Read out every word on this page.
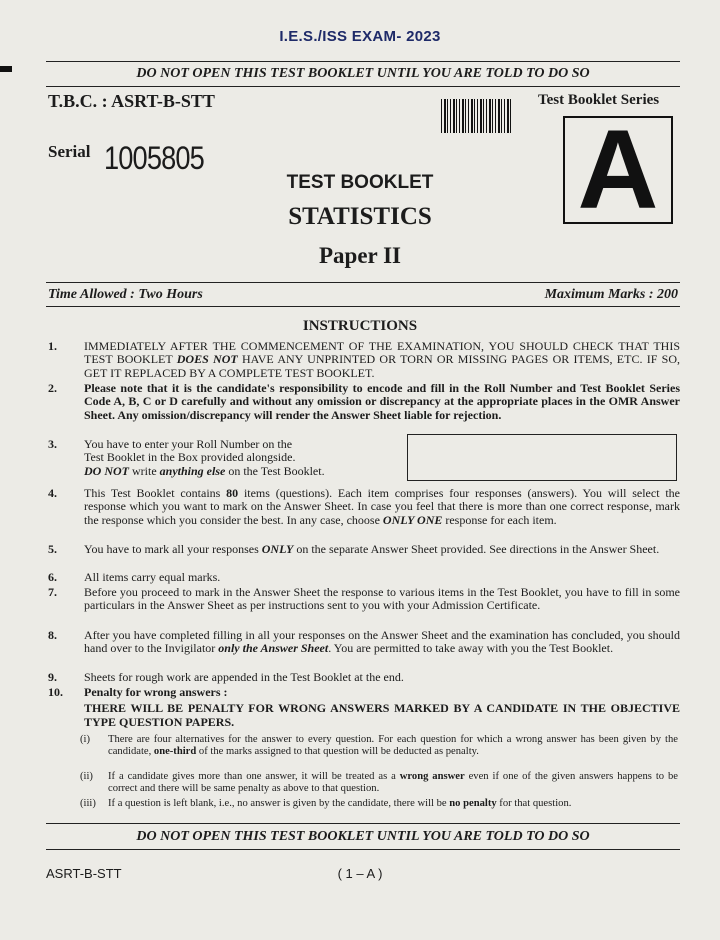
I.E.S./ISS EXAM- 2023
DO NOT OPEN THIS TEST BOOKLET UNTIL YOU ARE TOLD TO DO SO
T.B.C. : ASRT-B-STT	Test Booklet Series
A
Serial 1005805
TEST BOOKLET
STATISTICS
Paper II
Time Allowed : Two Hours	Maximum Marks : 200
INSTRUCTIONS
1. IMMEDIATELY AFTER THE COMMENCEMENT OF THE EXAMINATION, YOU SHOULD CHECK THAT THIS TEST BOOKLET DOES NOT HAVE ANY UNPRINTED OR TORN OR MISSING PAGES OR ITEMS, ETC. IF SO, GET IT REPLACED BY A COMPLETE TEST BOOKLET.
2. Please note that it is the candidate's responsibility to encode and fill in the Roll Number and Test Booklet Series Code A, B, C or D carefully and without any omission or discrepancy at the appropriate places in the OMR Answer Sheet. Any omission/discrepancy will render the Answer Sheet liable for rejection.
3. You have to enter your Roll Number on the
Test Booklet in the Box provided alongside.
DO NOT write anything else on the Test Booklet.
4. This Test Booklet contains 80 items (questions). Each item comprises four responses (answers). You will select the response which you want to mark on the Answer Sheet. In case you feel that there is more than one correct response, mark the response which you consider the best. In any case, choose ONLY ONE response for each item.
5. You have to mark all your responses ONLY on the separate Answer Sheet provided. See directions in the Answer Sheet.
6. All items carry equal marks.
7. Before you proceed to mark in the Answer Sheet the response to various items in the Test Booklet, you have to fill in some particulars in the Answer Sheet as per instructions sent to you with your Admission Certificate.
8. After you have completed filling in all your responses on the Answer Sheet and the examination has concluded, you should hand over to the Invigilator only the Answer Sheet. You are permitted to take away with you the Test Booklet.
9. Sheets for rough work are appended in the Test Booklet at the end.
10. Penalty for wrong answers :
THERE WILL BE PENALTY FOR WRONG ANSWERS MARKED BY A CANDIDATE IN THE OBJECTIVE TYPE QUESTION PAPERS.
(i) There are four alternatives for the answer to every question. For each question for which a wrong answer has been given by the candidate, one-third of the marks assigned to that question will be deducted as penalty.
(ii) If a candidate gives more than one answer, it will be treated as a wrong answer even if one of the given answers happens to be correct and there will be same penalty as above to that question.
(iii) If a question is left blank, i.e., no answer is given by the candidate, there will be no penalty for that question.
DO NOT OPEN THIS TEST BOOKLET UNTIL YOU ARE TOLD TO DO SO
ASRT-B-STT	( 1 – A )
